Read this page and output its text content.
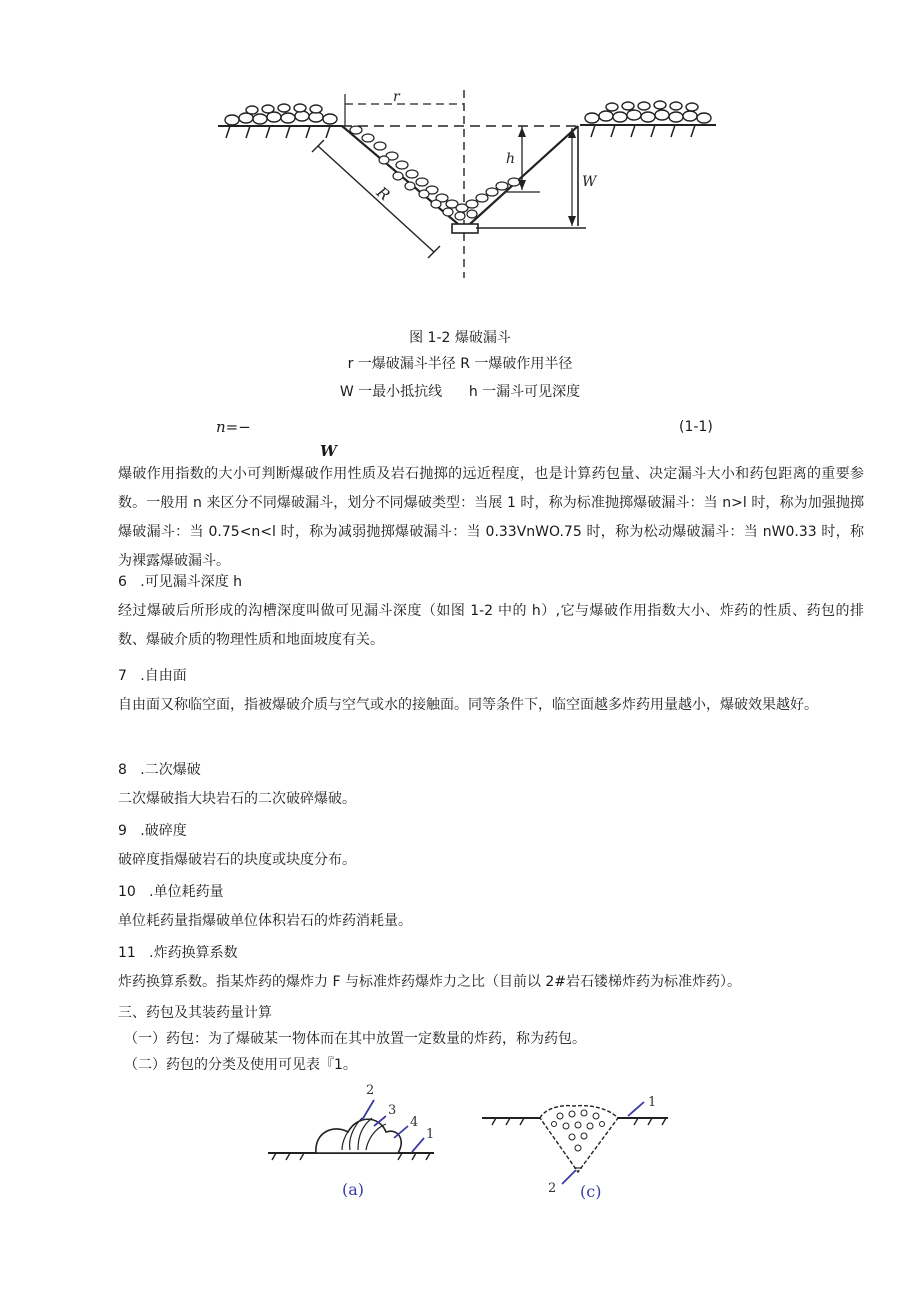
r
R
h
W
图 1-2 爆破漏斗
r 一爆破漏斗半径 R 一爆破作用半径
W 一最小抵抗线      h 一漏斗可见深度
n=−
W
(1-1)
爆破作用指数的大小可判断爆破作用性质及岩石抛掷的远近程度，也是计算药包量、决定漏斗大小和药包距离的重要参数。一般用 n 来区分不同爆破漏斗，划分不同爆破类型：当展 1 时，称为标准抛掷爆破漏斗：当 n>l 时，称为加强抛掷爆破漏斗：当 0.75<n<l 时，称为减弱抛掷爆破漏斗：当 0.33VnWO.75 时，称为松动爆破漏斗：当 nW0.33 时，称为裸露爆破漏斗。
6   .可见漏斗深度 h
经过爆破后所形成的沟槽深度叫做可见漏斗深度（如图 1-2 中的 h）,它与爆破作用指数大小、炸药的性质、药包的排数、爆破介质的物理性质和地面坡度有关。
7   .自由面
自由面又称临空面，指被爆破介质与空气或水的接触面。同等条件下，临空面越多炸药用量越小，爆破效果越好。
8   .二次爆破
二次爆破指大块岩石的二次破碎爆破。
9   .破碎度
破碎度指爆破岩石的块度或块度分布。
10   .单位耗药量
单位耗药量指爆破单位体积岩石的炸药消耗量。
11   .炸药换算系数
炸药换算系数。指某炸药的爆炸力 F 与标准炸药爆炸力之比（目前以 2#岩石镂梯炸药为标准炸药）。
三、药包及其装药量计算
（一）药包：为了爆破某一物体而在其中放置一定数量的炸药，称为药包。
（二）药包的分类及使用可见表『1。
2
3
4
1
(a)
1
2 (c)
